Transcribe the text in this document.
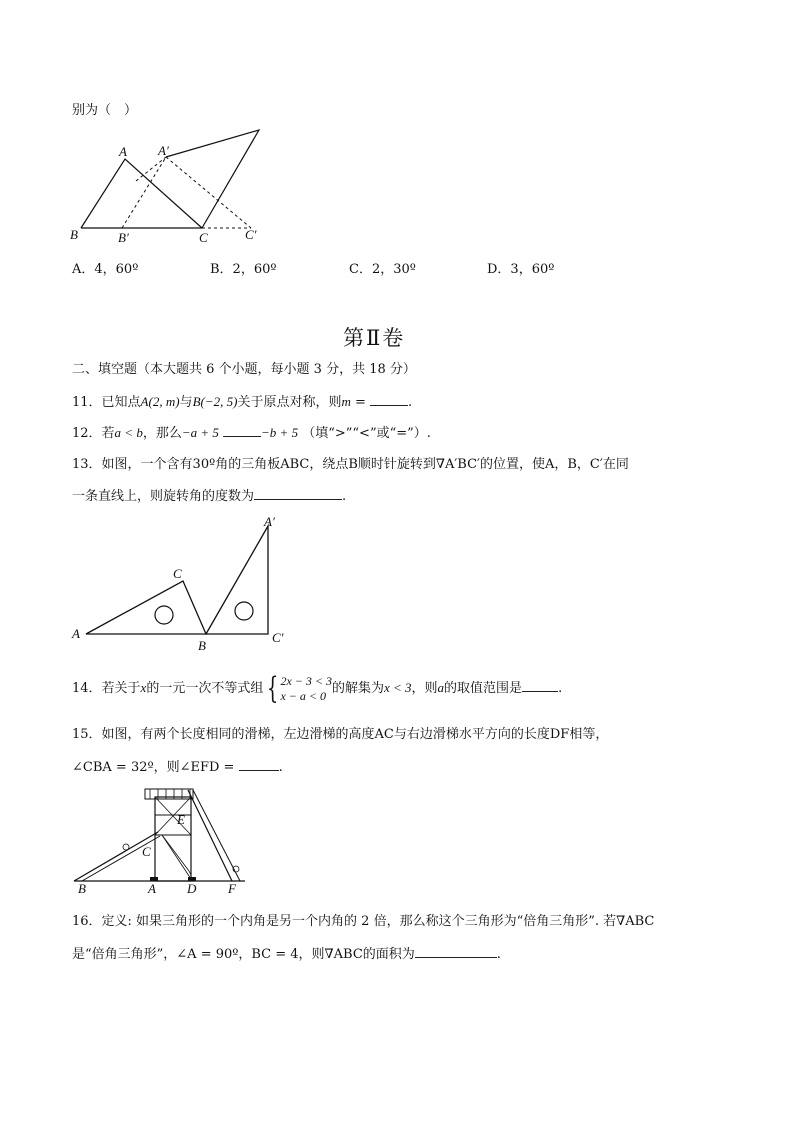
别为（　）
A A′
B	B′	C	C′
A．4，60º	B．2，60º	C．2，30º	D．3，60º
第Ⅱ卷
二、填空题（本大题共 6 个小题，每小题 3 分，共 18 分）
11．已知点A(2, m)与B(−2, 5)关于原点对称，则m =	.
12．若a < b，那么−a + 5	−b + 5 （填“>”“<”或“=”）.
13．如图，一个含有30º角的三角板ABC，绕点B顺时针旋转到∇A′BC′的位置，使A，B，C′在同
一条直线上，则旋转角的度数为	.
A
C
B
A′
C′
14．若关于x的一元一次不等式组 { 2x − 3 < 3
x − a < 0 的解集为x < 3，则a的取值范围是	.
15．如图，有两个长度相同的滑梯，左边滑梯的高度AC与右边滑梯水平方向的长度DF相等，
∠CBA = 32º，则∠EFD =	.
B	A
C
D
E
F
16．定义: 如果三角形的一个内角是另一个内角的 2 倍，那么称这个三角形为“倍角三角形”. 若∇ABC
是“倍角三角形”，∠A = 90º，BC = 4，则∇ABC的面积为	.
